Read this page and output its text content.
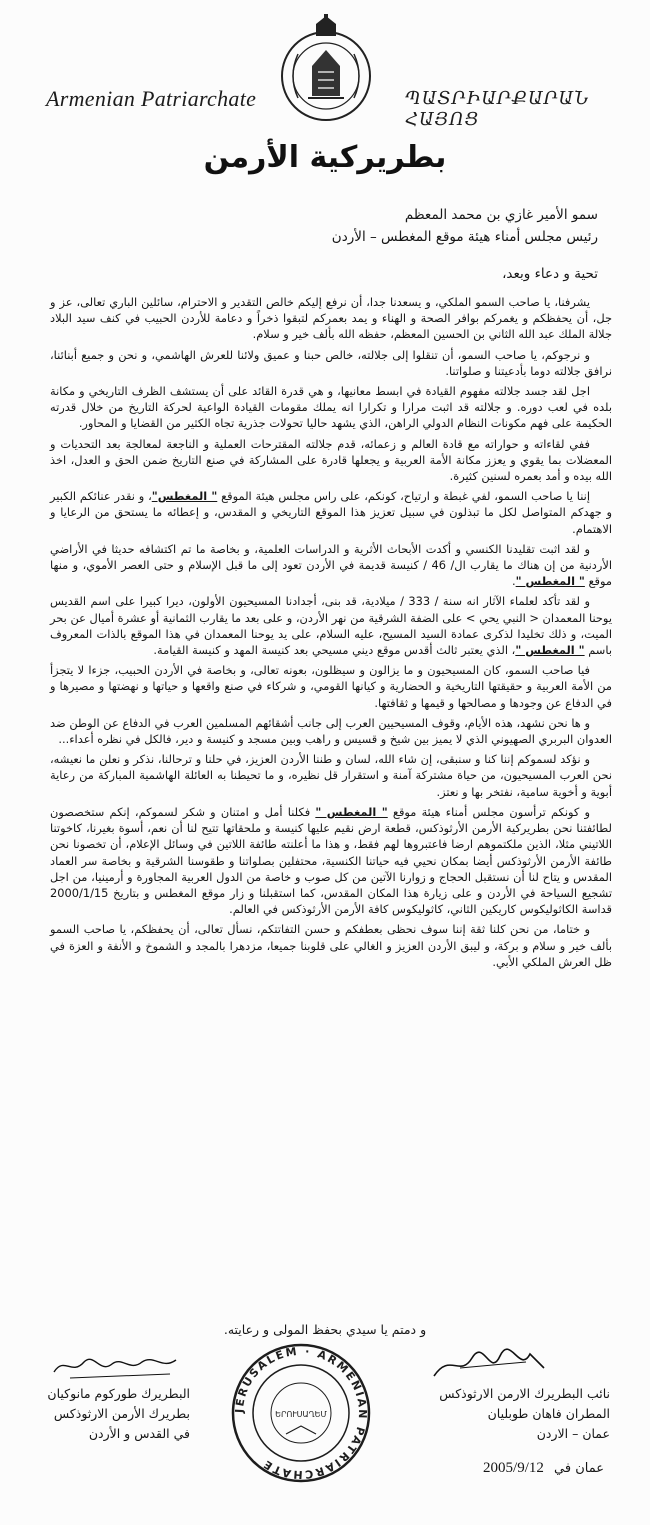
Armenian Patriarchate	ՊԱՏՐԻԱՐՔԱՐԱՆ ՀԱՅՈՑ
بطريركية الأرمن
سمو الأمير غازي بن محمد المعظم
رئيس مجلس أمناء هيئة موقع المغطس – الأردن
تحية و دعاء وبعد،

يشرفنا، يا صاحب السمو الملكي، و يسعدنا جدا، أن نرفع إليكم خالص التقدير و الاحترام، سائلين الباري تعالى، عز و جل، أن يحفظكم و يغمركم بوافر الصحة و الهناء و يمد بعمركم لتبقوا ذخراً و دعامة للأردن الحبيب في كنف سيد البلاد جلالة الملك عبد الله الثاني بن الحسين المعظم، حفظه الله بألف خير و سلام.

و نرجوكم، يا صاحب السمو، أن تنقلوا إلى جلالته، خالص حبنا و عميق ولائنا للعرش الهاشمي، و نحن و جميع أبنائنا، نرافق جلالته دوما بأدعيتنا و صلواتنا.

اجل لقد جسد جلالته مفهوم القيادة في ابسط معانيها، و هي قدرة القائد على أن يستشف الظرف التاريخي و مكانة بلده في لعب دوره. و جلالته قد اثبت مرارا و تكرارا انه يملك مقومات القيادة الواعية لحركة التاريخ من خلال قدرته الحكيمة على فهم مكونات النظام الدولي الراهن، الذي يشهد حاليا تحولات جذرية تجاه الكثير من القضايا و المحاور.

ففي لقاءاته و حواراته مع قادة العالم و زعمائه، قدم جلالته المقترحات العملية و الناجعة لمعالجة بعد التحديات و المعضلات بما يقوي و يعزز مكانة الأمة العربية و يجعلها قادرة على المشاركة في صنع التاريخ ضمن الحق و العدل، اخذ الله بيده و أمد بعمره لسنين كثيرة.

إننا يا صاحب السمو، لفي غبطة و ارتياح، كونكم، على راس مجلس هيئة الموقع " المغطس"، و نقدر عنائكم الكبير و جهدكم المتواصل لكل ما تبذلون في سبيل تعزيز هذا الموقع التاريخي و المقدس، و إعطائه ما يستحق من الرعايا و الاهتمام.

و لقد اثبت تقليدنا الكنسي و أكدت الأبحاث الأثرية و الدراسات العلمية، و بخاصة ما تم اكتشافه حديثا في الأراضي الأردنية من إن هناك ما يقارب ال/ 46 / كنيسة قديمة في الأردن تعود إلى ما قبل الإسلام و حتى العصر الأموي، و منها موقع " المغطس ".

و لقد تأكد لعلماء الآثار انه سنة / 333 / ميلادية، قد بنى، أجدادنا المسيحيون الأولون، ديرا كبيرا على اسم القديس يوحنا المعمدان < النبي يحي > على الضفة الشرقية من نهر الأردن، و على بعد ما يقارب الثمانية أو عشرة أميال عن بحر الميت، و ذلك تخليدا لذكرى عمادة السيد المسيح، عليه السلام، على يد يوحنا المعمدان في هذا الموقع بالذات المعروف باسم " المغطس "، الذي يعتبر ثالث أقدس موقع ديني مسيحي بعد كنيسة المهد و كنيسة القيامة.

فيا صاحب السمو، كان المسيحيون و ما يزالون و سيظلون، بعونه تعالى، و بخاصة في الأردن الحبيب، جزءا لا يتجزأ من الأمة العربية و حقيقتها التاريخية و الحضارية و كيانها القومي، و شركاء في صنع واقعها و حياتها و نهضتها و مصيرها و في الدفاع عن وجودها و مصالحها و قيمها و ثقافتها.

و ها نحن نشهد، هذه الأيام، وقوف المسيحيين العرب إلى جانب أشقائهم المسلمين العرب في الدفاع عن الوطن ضد العدوان البربري الصهيوني الذي لا يميز بين شيخ و قسيس و راهب وبين مسجد و كنيسة و دير، فالكل في نظره أعداء...

و نؤكد لسموكم إننا كنا و سنبقى، إن شاء الله، لسان و طننا الأردن العزيز، في حلنا و ترحالنا، نذكر و نعلن ما نعيشه، نحن العرب المسيحيون، من حياة مشتركة آمنة و استقرار قل نظيره، و ما تحيطنا به العائلة الهاشمية المباركة من رعاية أبوية و أخوية سامية، نفتخر بها و نعتز.

و كونكم ترأسون مجلس أمناء هيئة موقع " المغطس " فكلنا أمل و امتنان و شكر لسموكم، إنكم ستخصصون لطائفتنا نحن بطريركية الأرمن الأرثوذكس، قطعة ارض نقيم عليها كنيسة و ملحقاتها تتيح لنا أن نعم، أسوة بغيرنا، كاخوتنا اللاتيني مثلا، الذين ملكتموهم ارضا فاعتبروها لهم فقط، و هذا ما أعلنته طائفة اللاتين في وسائل الإعلام، أن تخصونا نحن طائفة الأرمن الأرثوذكس أيضا بمكان نحيي فيه حياتنا الكنسية، محتفلين بصلواتنا و طقوسنا الشرقية و بخاصة سر العماد المقدس و يتاح لنا أن نستقبل الحجاج و زوارنا الآتين من كل صوب و خاصة من الدول العربية المجاورة و أرمينيا، من اجل تشجيع السياحة في الأردن و على زيارة هذا المكان المقدس، كما استقبلنا و زار موقع المغطس و بتاريخ 2000/1/15 قداسة الكاثوليكوس كاريكين الثاني، كاثوليكوس كافة الأرمن الأرثوذكس في العالم.

و ختاما، من نحن كلنا ثقة إننا سوف نحظى بعطفكم و حسن التفاتتكم، نسأل تعالى، أن يحفظكم، يا صاحب السمو بألف خير و سلام و بركة، و ليبق الأردن العزيز و الغالي على قلوبنا جميعا، مزدهرا بالمجد و الشموخ و الأنفة و العزة في ظل العرش الملكي الأبي.

و دمتم يا سيدي بحفظ المولى و رعايته.
نائب البطريرك الارمن الارثوذكس
المطران فاهان طوبليان
عمان – الاردن
البطريرك طوركوم مانوكيان
بطريرك الأرمن الارثوذكس
في القدس و الأردن
JERUSALEM · ARMENIAN PATRIARCHATE
ԵՐՈՒՍԱՂԵՄ
عمان في 2005/9/12
